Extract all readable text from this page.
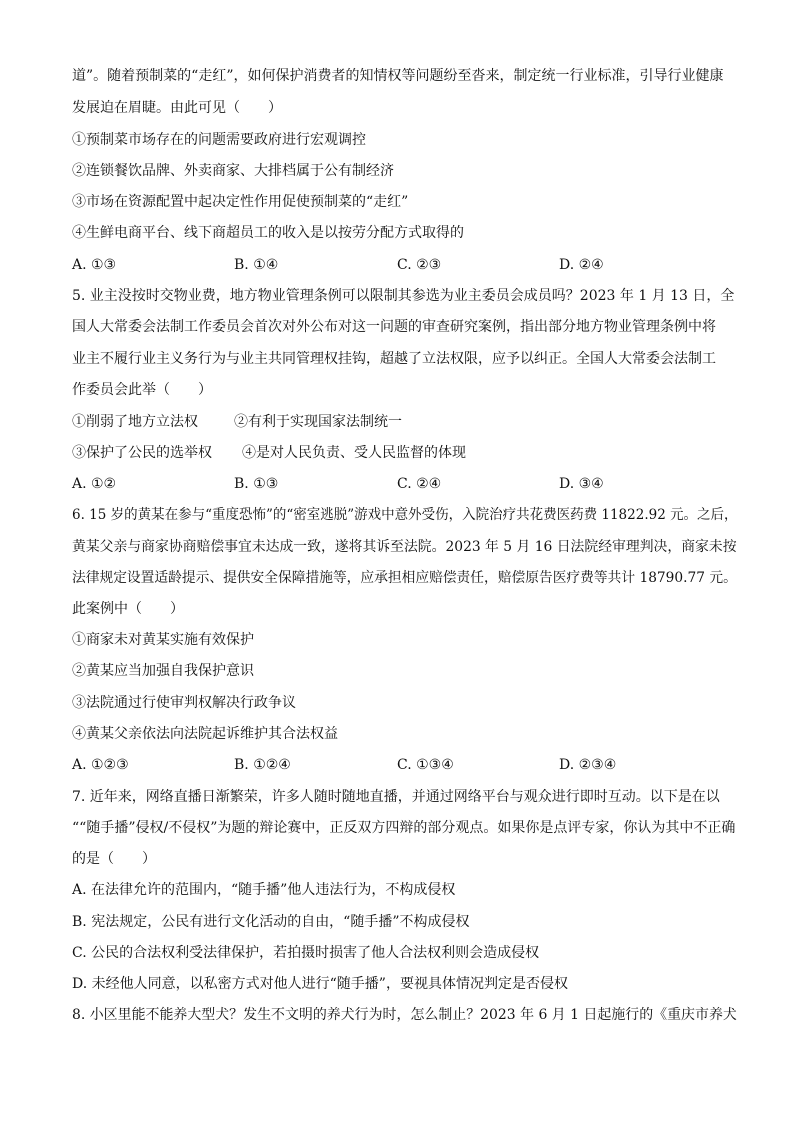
道”。随着预制菜的“走红”，如何保护消费者的知情权等问题纷至沓来，制定统一行业标准，引导行业健康
发展迫在眉睫。由此可见（　　）
①预制菜市场存在的问题需要政府进行宏观调控
②连锁餐饮品牌、外卖商家、大排档属于公有制经济
③市场在资源配置中起决定性作用促使预制菜的“走红”
④生鲜电商平台、线下商超员工的收入是以按劳分配方式取得的
A. ①③	B. ①④	C. ②③	D. ②④
5. 业主没按时交物业费，地方物业管理条例可以限制其参选为业主委员会成员吗？2023 年 1 月 13 日，全
国人大常委会法制工作委员会首次对外公布对这一问题的审查研究案例，指出部分地方物业管理条例中将
业主不履行业主义务行为与业主共同管理权挂钩，超越了立法权限，应予以纠正。全国人大常委会法制工
作委员会此举（　　）
①削弱了地方立法权	②有利于实现国家法制统一
③保护了公民的选举权 ④是对人民负责、受人民监督的体现
A. ①②	B. ①③	C. ②④	D. ③④
6. 15 岁的黄某在参与“重度恐怖”的“密室逃脱”游戏中意外受伤，入院治疗共花费医药费 11822.92 元。之后，
黄某父亲与商家协商赔偿事宜未达成一致，遂将其诉至法院。2023 年 5 月 16 日法院经审理判决，商家未按
法律规定设置适龄提示、提供安全保障措施等，应承担相应赔偿责任，赔偿原告医疗费等共计 18790.77 元。
此案例中（　　）
①商家未对黄某实施有效保护
②黄某应当加强自我保护意识
③法院通过行使审判权解决行政争议
④黄某父亲依法向法院起诉维护其合法权益
A. ①②③	B. ①②④	C. ①③④	D. ②③④
7. 近年来，网络直播日渐繁荣，许多人随时随地直播，并通过网络平台与观众进行即时互动。以下是在以
““随手播”侵权/不侵权”为题的辩论赛中，正反双方四辩的部分观点。如果你是点评专家，你认为其中不正确
的是（　　）
A. 在法律允许的范围内，“随手播”他人违法行为，不构成侵权
B. 宪法规定，公民有进行文化活动的自由，“随手播”不构成侵权
C. 公民的合法权利受法律保护，若拍摄时损害了他人合法权利则会造成侵权
D. 未经他人同意，以私密方式对他人进行“随手播”，要视具体情况判定是否侵权
8. 小区里能不能养大型犬？发生不文明的养犬行为时，怎么制止？2023 年 6 月 1 日起施行的《重庆市养犬
